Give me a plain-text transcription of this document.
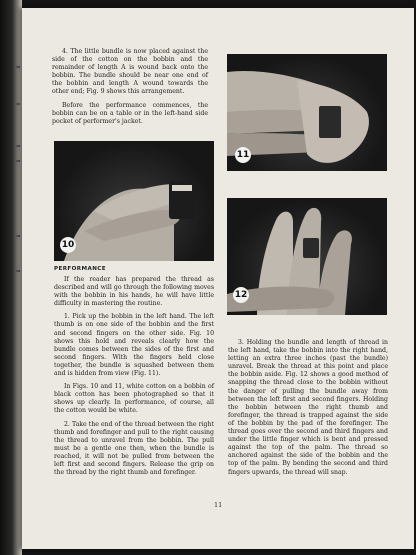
4. The little bundle is now placed against the side of the cotton on the bobbin and the remainder of length A is wound back onto the bobbin. The bundle should be near one end of the bobbin and length A wound towards the other end; Fig. 9 shows this arrangement.

Before the performance commences, the bobbin can be on a table or in the left-hand side pocket of performer's jacket.

11
10
12
PERFORMANCE

If the reader has prepared the thread as described and will go through the following moves with the bobbin in his hands, he will have little difficulty in mastering the routine.

1. Pick up the bobbin in the left hand. The left thumb is on one side of the bobbin and the first and second fingers on the other side. Fig. 10 shows this hold and reveals clearly how the bundle comes between the sides of the first and second fingers. With the fingers held close together, the bundle is squashed between them and is hidden from view (Fig. 11).

In Figs. 10 and 11, white cotton on a bobbin of black cotton has been photographed so that it shows up clearly. In performance, of course, all the cotton would be white.

2. Take the end of the thread between the right thumb and forefinger and pull to the right causing the thread to unravel from the bobbin. The pull must be a gentle one then, when the bundle is reached, it will not be pulled from between the left first and second fingers. Release the grip on the thread by the right thumb and forefinger.

3. Holding the bundle and length of thread in the left hand, take the bobbin into the right hand, letting an extra three inches (past the bundle) unravel. Break the thread at this point and place the bobbin aside. Fig. 12 shows a good method of snapping the thread close to the bobbin without the danger of pulling the bundle away from between the left first and second fingers. Holding the bobbin between the right thumb and forefinger, the thread is trapped against the side of the bobbin by the pad of the forefinger. The thread goes over the second and third fingers and under the little finger which is bent and pressed against the top of the palm. The thread so anchored against the side of the bobbin and the top of the palm. By bending the second and third fingers upwards, the thread will snap.

11
